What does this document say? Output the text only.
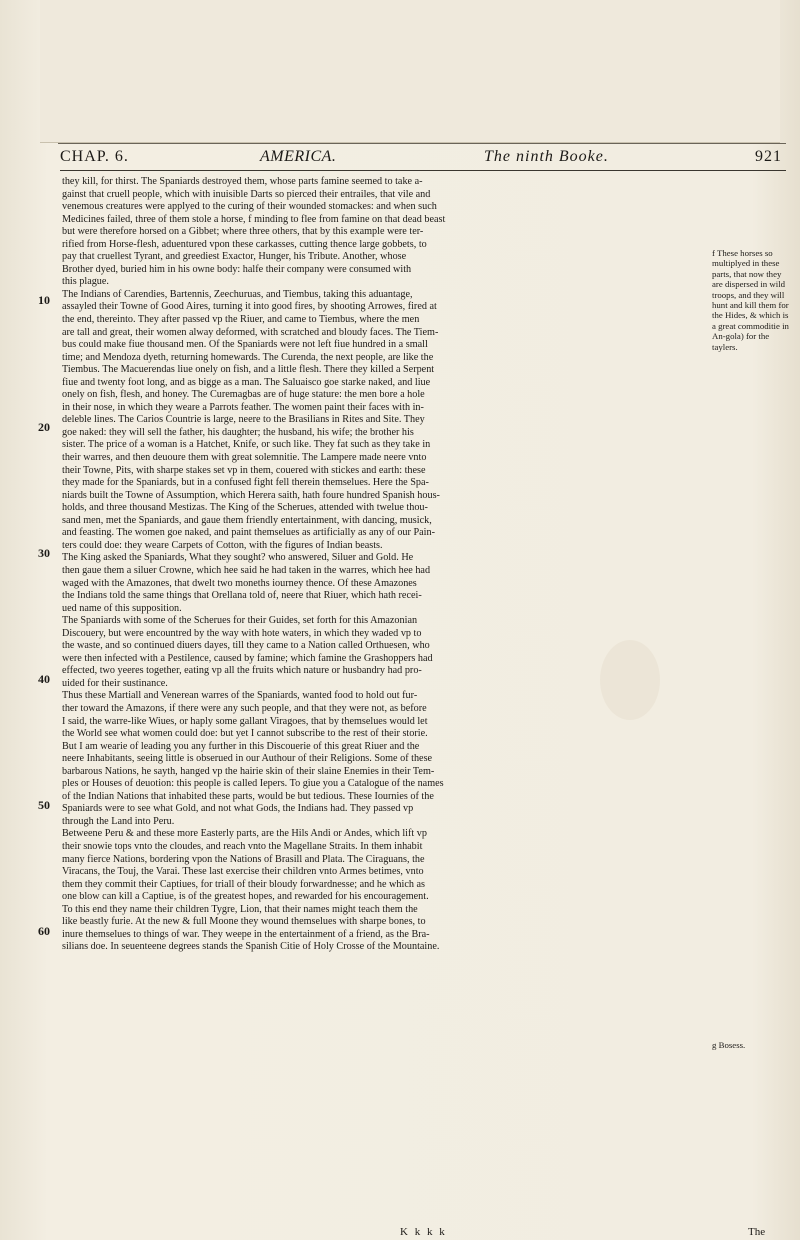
CHAP. 6.	AMERICA.	The ninth Booke.	921
10
20
30
40
50
60
they kill, for thirst. The Spaniards destroyed them, whose parts famine seemed to take a-
gainst that cruell people, which with inuisible Darts so pierced their entrailes, that vile and
venemous creatures were applyed to the curing of their wounded stomackes: and when such
Medicines failed, three of them stole a horse, f minding to flee from famine on that dead beast
but were therefore horsed on a Gibbet; where three others, that by this example were ter-
rified from Horse-flesh, aduentured vpon these carkasses, cutting thence large gobbets, to
pay that cruellest Tyrant, and greediest Exactor, Hunger, his Tribute. Another, whose
Brother dyed, buried him in his owne body: halfe their company were consumed with
this plague.
The Indians of Carendies, Bartennis, Zeechuruas, and Tiembus, taking this aduantage,
assayled their Towne of Good Aires, turning it into good fires, by shooting Arrowes, fired at
the end, thereinto. They after passed vp the Riuer, and came to Tiembus, where the men
are tall and great, their women alway deformed, with scratched and bloudy faces. The Tiem-
bus could make fiue thousand men. Of the Spaniards were not left fiue hundred in a small
time; and Mendoza dyeth, returning homewards. The Curenda, the next people, are like the
Tiembus. The Macuerendas liue onely on fish, and a little flesh. There they killed a Serpent
fiue and twenty foot long, and as bigge as a man. The Saluaisco goe starke naked, and liue
onely on fish, flesh, and honey. The Curemagbas are of huge stature: the men bore a hole
in their nose, in which they weare a Parrots feather. The women paint their faces with in-
deleble lines. The Carios Countrie is large, neere to the Brasilians in Rites and Site. They
goe naked: they will sell the father, his daughter; the husband, his wife; the brother his
sister. The price of a woman is a Hatchet, Knife, or such like. They fat such as they take in
their warres, and then deuoure them with great solemnitie. The Lampere made neere vnto
their Towne, Pits, with sharpe stakes set vp in them, couered with stickes and earth: these
they made for the Spaniards, but in a confused fight fell therein themselues. Here the Spa-
niards built the Towne of Assumption, which Herera saith, hath foure hundred Spanish hous-
holds, and three thousand Mestizas. The King of the Scherues, attended with twelue thou-
sand men, met the Spaniards, and gaue them friendly entertainment, with dancing, musick,
and feasting. The women goe naked, and paint themselues as artificially as any of our Pain-
ters could doe: they weare Carpets of Cotton, with the figures of Indian beasts.
The King asked the Spaniards, What they sought? who answered, Siluer and Gold. He
then gaue them a siluer Crowne, which hee said he had taken in the warres, which hee had
waged with the Amazones, that dwelt two moneths iourney thence. Of these Amazones
the Indians told the same things that Orellana told of, neere that Riuer, which hath recei-
ued name of this supposition.
The Spaniards with some of the Scherues for their Guides, set forth for this Amazonian
Discouery, but were encountred by the way with hote waters, in which they waded vp to
the waste, and so continued diuers dayes, till they came to a Nation called Orthuesen, who
were then infected with a Pestilence, caused by famine; which famine the Grashoppers had
effected, two yeeres together, eating vp all the fruits which nature or husbandry had pro-
uided for their sustinance.
Thus these Martiall and Venerean warres of the Spaniards, wanted food to hold out fur-
ther toward the Amazons, if there were any such people, and that they were not, as before
I said, the warre-like Wiues, or haply some gallant Viragoes, that by themselues would let
the World see what women could doe: but yet I cannot subscribe to the rest of their storie.
But I am wearie of leading you any further in this Discouerie of this great Riuer and the
neere Inhabitants, seeing little is obserued in our Authour of their Religions. Some of these
barbarous Nations, he sayth, hanged vp the hairie skin of their slaine Enemies in their Tem-
ples or Houses of deuotion: this people is called Iepers. To giue you a Catalogue of the names
of the Indian Nations that inhabited these parts, would be but tedious. These Iournies of the
Spaniards were to see what Gold, and not what Gods, the Indians had. They passed vp
through the Land into Peru.
Betweene Peru & and these more Easterly parts, are the Hils Andi or Andes, which lift vp
their snowie tops vnto the cloudes, and reach vnto the Magellane Straits. In them inhabit
many fierce Nations, bordering vpon the Nations of Brasill and Plata. The Ciraguans, the
Viracans, the Touj, the Varai. These last exercise their children vnto Armes betimes, vnto
them they commit their Captiues, for triall of their bloudy forwardnesse; and he which as
one blow can kill a Captiue, is of the greatest hopes, and rewarded for his encouragement.
To this end they name their children Tygre, Lion, that their names might teach them the
like beastly furie. At the new & full Moone they wound themselues with sharpe bones, to
inure themselues to things of war. They weepe in the entertainment of a friend, as the Bra-
silians doe. In seuenteene degrees stands the Spanish Citie of Holy Crosse of the Mountaine.
f These horses so multiplyed in these parts, that now they are dispersed in wild troops, and they will hunt and kill them for the Hides, & which is a great commoditie in An-gola) for the taylers.
g Bosess.
K k k k	The
